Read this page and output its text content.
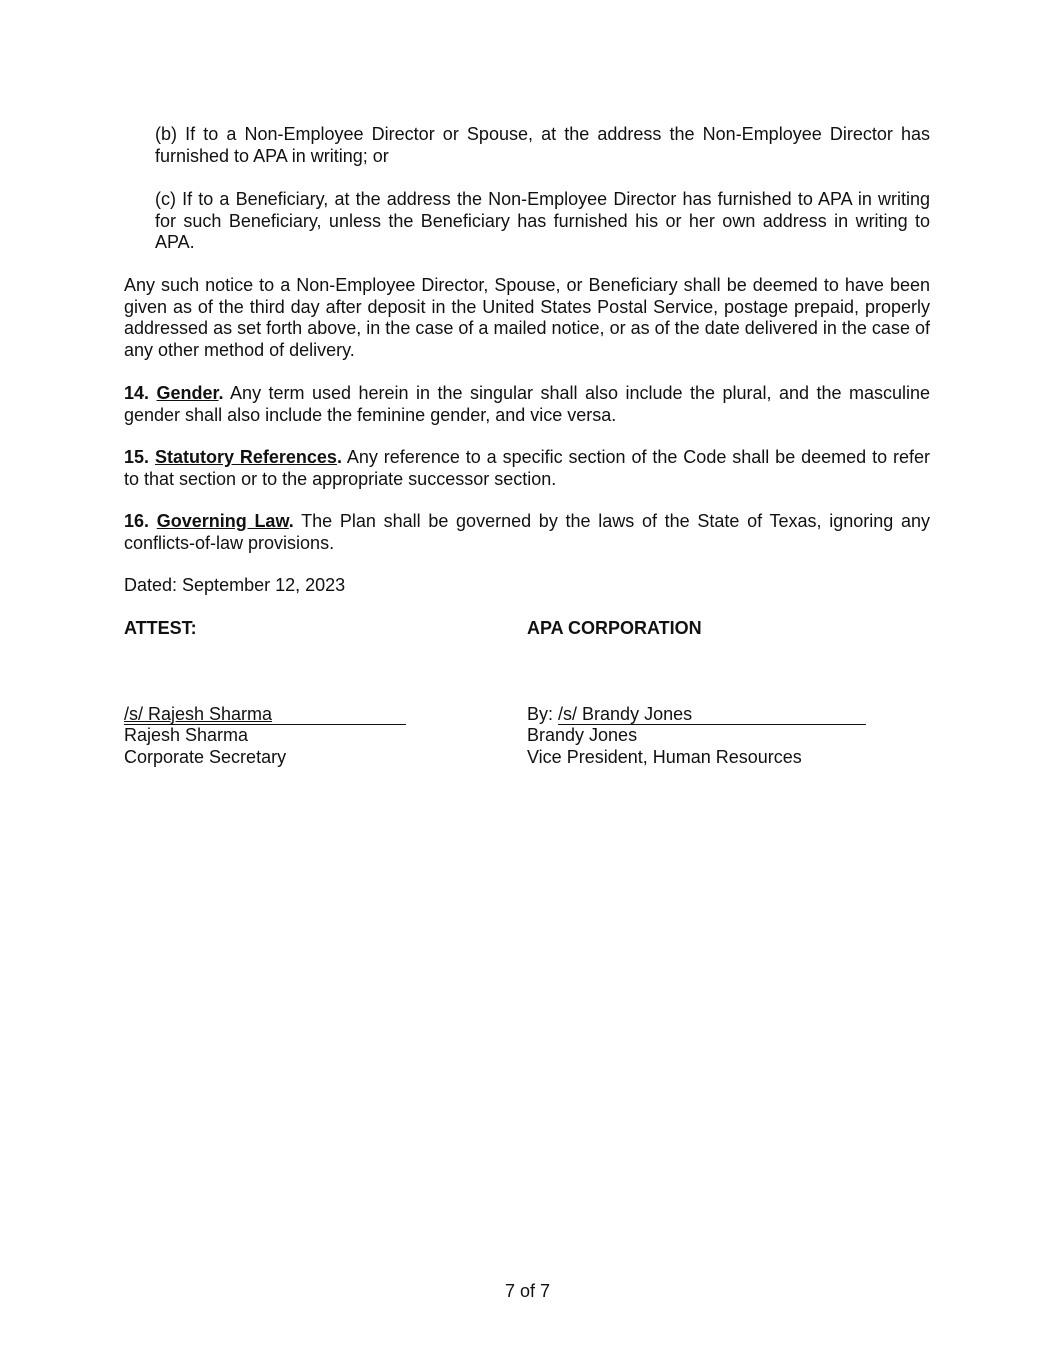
(b) If to a Non-Employee Director or Spouse, at the address the Non-Employee Director has furnished to APA in writing; or

(c) If to a Beneficiary, at the address the Non-Employee Director has furnished to APA in writing for such Beneficiary, unless the Beneficiary has furnished his or her own address in writing to APA.

Any such notice to a Non-Employee Director, Spouse, or Beneficiary shall be deemed to have been given as of the third day after deposit in the United States Postal Service, postage prepaid, properly addressed as set forth above, in the case of a mailed notice, or as of the date delivered in the case of any other method of delivery.

14. Gender. Any term used herein in the singular shall also include the plural, and the masculine gender shall also include the feminine gender, and vice versa.

15. Statutory References. Any reference to a specific section of the Code shall be deemed to refer to that section or to the appropriate successor section.

16. Governing Law. The Plan shall be governed by the laws of the State of Texas, ignoring any conflicts-of-law provisions.

Dated: September 12, 2023

ATTEST:
/s/ Rajesh Sharma
Rajesh Sharma
Corporate Secretary
APA CORPORATION
By: /s/ Brandy Jones
Brandy Jones
Vice President, Human Resources
7 of 7
